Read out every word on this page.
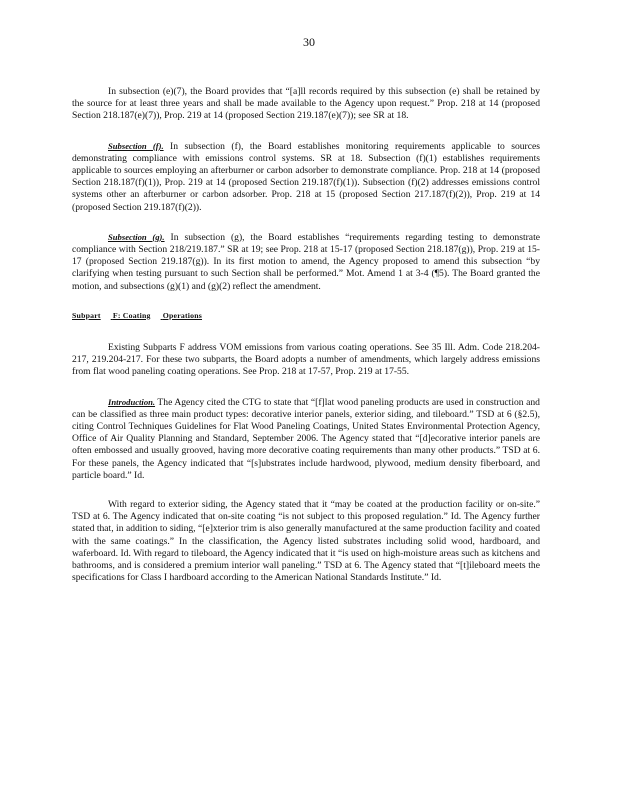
30

In subsection (e)(7), the Board provides that “[a]ll records required by this subsection (e) shall be retained by the source for at least three years and shall be made available to the Agency upon request.” Prop. 218 at 14 (proposed Section 218.187(e)(7)), Prop. 219 at 14 (proposed Section 219.187(e)(7)); see SR at 18.

Subsection (f). In subsection (f), the Board establishes monitoring requirements applicable to sources demonstrating compliance with emissions control systems. SR at 18. Subsection (f)(1) establishes requirements applicable to sources employing an afterburner or carbon adsorber to demonstrate compliance. Prop. 218 at 14 (proposed Section 218.187(f)(1)), Prop. 219 at 14 (proposed Section 219.187(f)(1)). Subsection (f)(2) addresses emissions control systems other an afterburner or carbon adsorber. Prop. 218 at 15 (proposed Section 217.187(f)(2)), Prop. 219 at 14 (proposed Section 219.187(f)(2)).

Subsection (g). In subsection (g), the Board establishes “requirements regarding testing to demonstrate compliance with Section 218/219.187.” SR at 19; see Prop. 218 at 15-17 (proposed Section 218.187(g)), Prop. 219 at 15-17 (proposed Section 219.187(g)). In its first motion to amend, the Agency proposed to amend this subsection “by clarifying when testing pursuant to such Section shall be performed.” Mot. Amend 1 at 3-4 (¶5). The Board granted the motion, and subsections (g)(1) and (g)(2) reflect the amendment.

Subpart F: Coating Operations

Existing Subparts F address VOM emissions from various coating operations. See 35 Ill. Adm. Code 218.204-217, 219.204-217. For these two subparts, the Board adopts a number of amendments, which largely address emissions from flat wood paneling coating operations. See Prop. 218 at 17-57, Prop. 219 at 17-55.

Introduction. The Agency cited the CTG to state that “[f]lat wood paneling products are used in construction and can be classified as three main product types: decorative interior panels, exterior siding, and tileboard.” TSD at 6 (§2.5), citing Control Techniques Guidelines for Flat Wood Paneling Coatings, United States Environmental Protection Agency, Office of Air Quality Planning and Standard, September 2006. The Agency stated that “[d]ecorative interior panels are often embossed and usually grooved, having more decorative coating requirements than many other products.” TSD at 6. For these panels, the Agency indicated that “[s]ubstrates include hardwood, plywood, medium density fiberboard, and particle board.” Id.

With regard to exterior siding, the Agency stated that it “may be coated at the production facility or on-site.” TSD at 6. The Agency indicated that on-site coating “is not subject to this proposed regulation.” Id. The Agency further stated that, in addition to siding, “[e]xterior trim is also generally manufactured at the same production facility and coated with the same coatings.” In the classification, the Agency listed substrates including solid wood, hardboard, and waferboard. Id. With regard to tileboard, the Agency indicated that it “is used on high-moisture areas such as kitchens and bathrooms, and is considered a premium interior wall paneling.” TSD at 6. The Agency stated that “[t]ileboard meets the specifications for Class I hardboard according to the American National Standards Institute.” Id.
